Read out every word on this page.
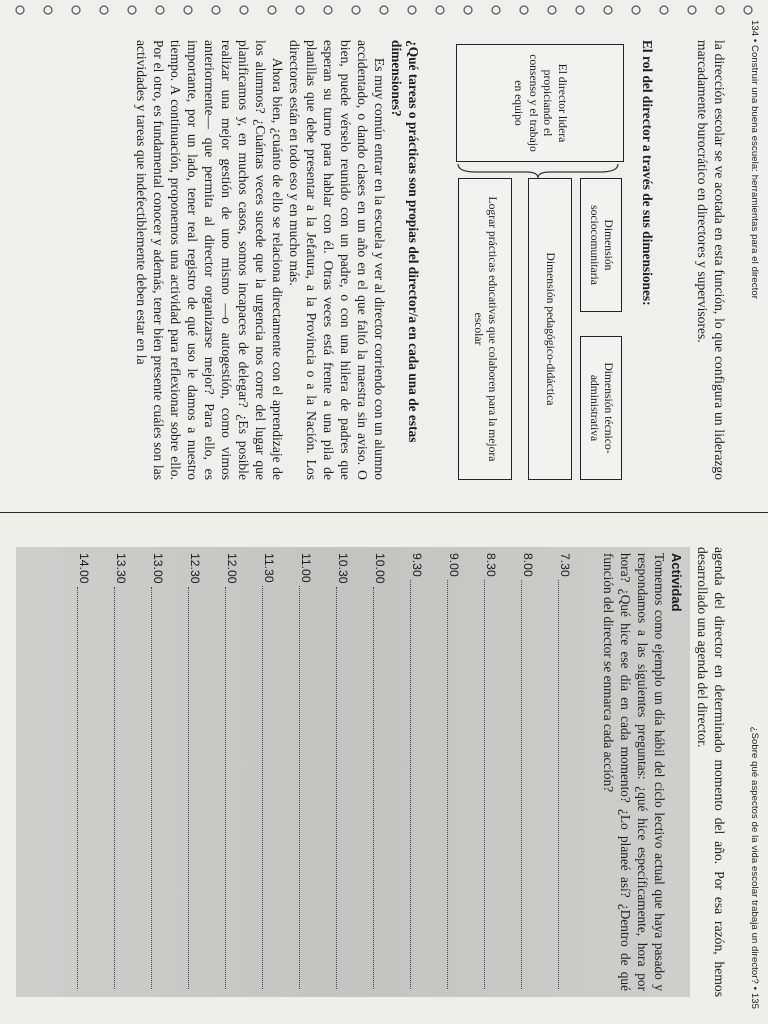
134 • Construir una buena escuela: herramientas para el director

la dirección escolar se ve acotada en esta función, lo que configura un liderazgo marcadamente burocrático en directores y supervisores.

El rol del director a través de sus dimensiones:
El director lidera propiciando el consenso y el trabajo en equipo
Lograr prácticas educativas que colaboren para la mejora escolar	Dimensión pedagógico-didáctica
Dimensión sociocomunitaria
Dimensión técnico-administrativa
¿Qué tareas o prácticas son propias del director/a en cada una de estas dimensiones?

Es muy común entrar en la escuela y ver al director corriendo con un alumno accidentado, o dando clases en un año en el que faltó la maestra sin aviso. O bien, puede vérselo reunido con un padre, o con una hilera de padres que esperan su turno para hablar con él. Otras veces está frente a una pila de planillas que debe presentar a la Jefatura, a la Provincia o a la Nación. Los directores están en todo eso y en mucho más.

Ahora bien, ¿cuánto de ello se relaciona directamente con el aprendizaje de los alumnos? ¿Cuántas veces sucede que la urgencia nos corre del lugar que planificamos y, en muchos casos, somos incapaces de delegar? ¿Es posible realizar una mejor gestión de uno mismo —o autogestión, como vimos anteriormente— que permita al director organizarse mejor? Para ello, es importante, por un lado, tener real registro de qué uso le damos a nuestro tiempo. A continuación, proponemos una actividad para reflexionar sobre ello. Por el otro, es fundamental conocer y además, tener bien presente cuáles son las actividades y tareas que indefectiblemente deben estar en la

¿Sobre qué aspectos de la vida escolar trabaja un director? • 135

agenda del director en determinado momento del año. Por esa razón, hemos desarrollado una agenda del director.

Actividad
Tomemos como ejemplo un día hábil del ciclo lectivo actual que haya pasado y respondamos a las siguientes preguntas: ¿qué hice específicamente, hora por hora? ¿Qué hice ese día en cada momento? ¿Lo planeé así? ¿Dentro de qué función del director se enmarca cada acción?
7.30
8.00
8.30
9.00
9.30
10.00
10.30
11.00
11.30
12.00
12.30
13.00
13.30
14.00
